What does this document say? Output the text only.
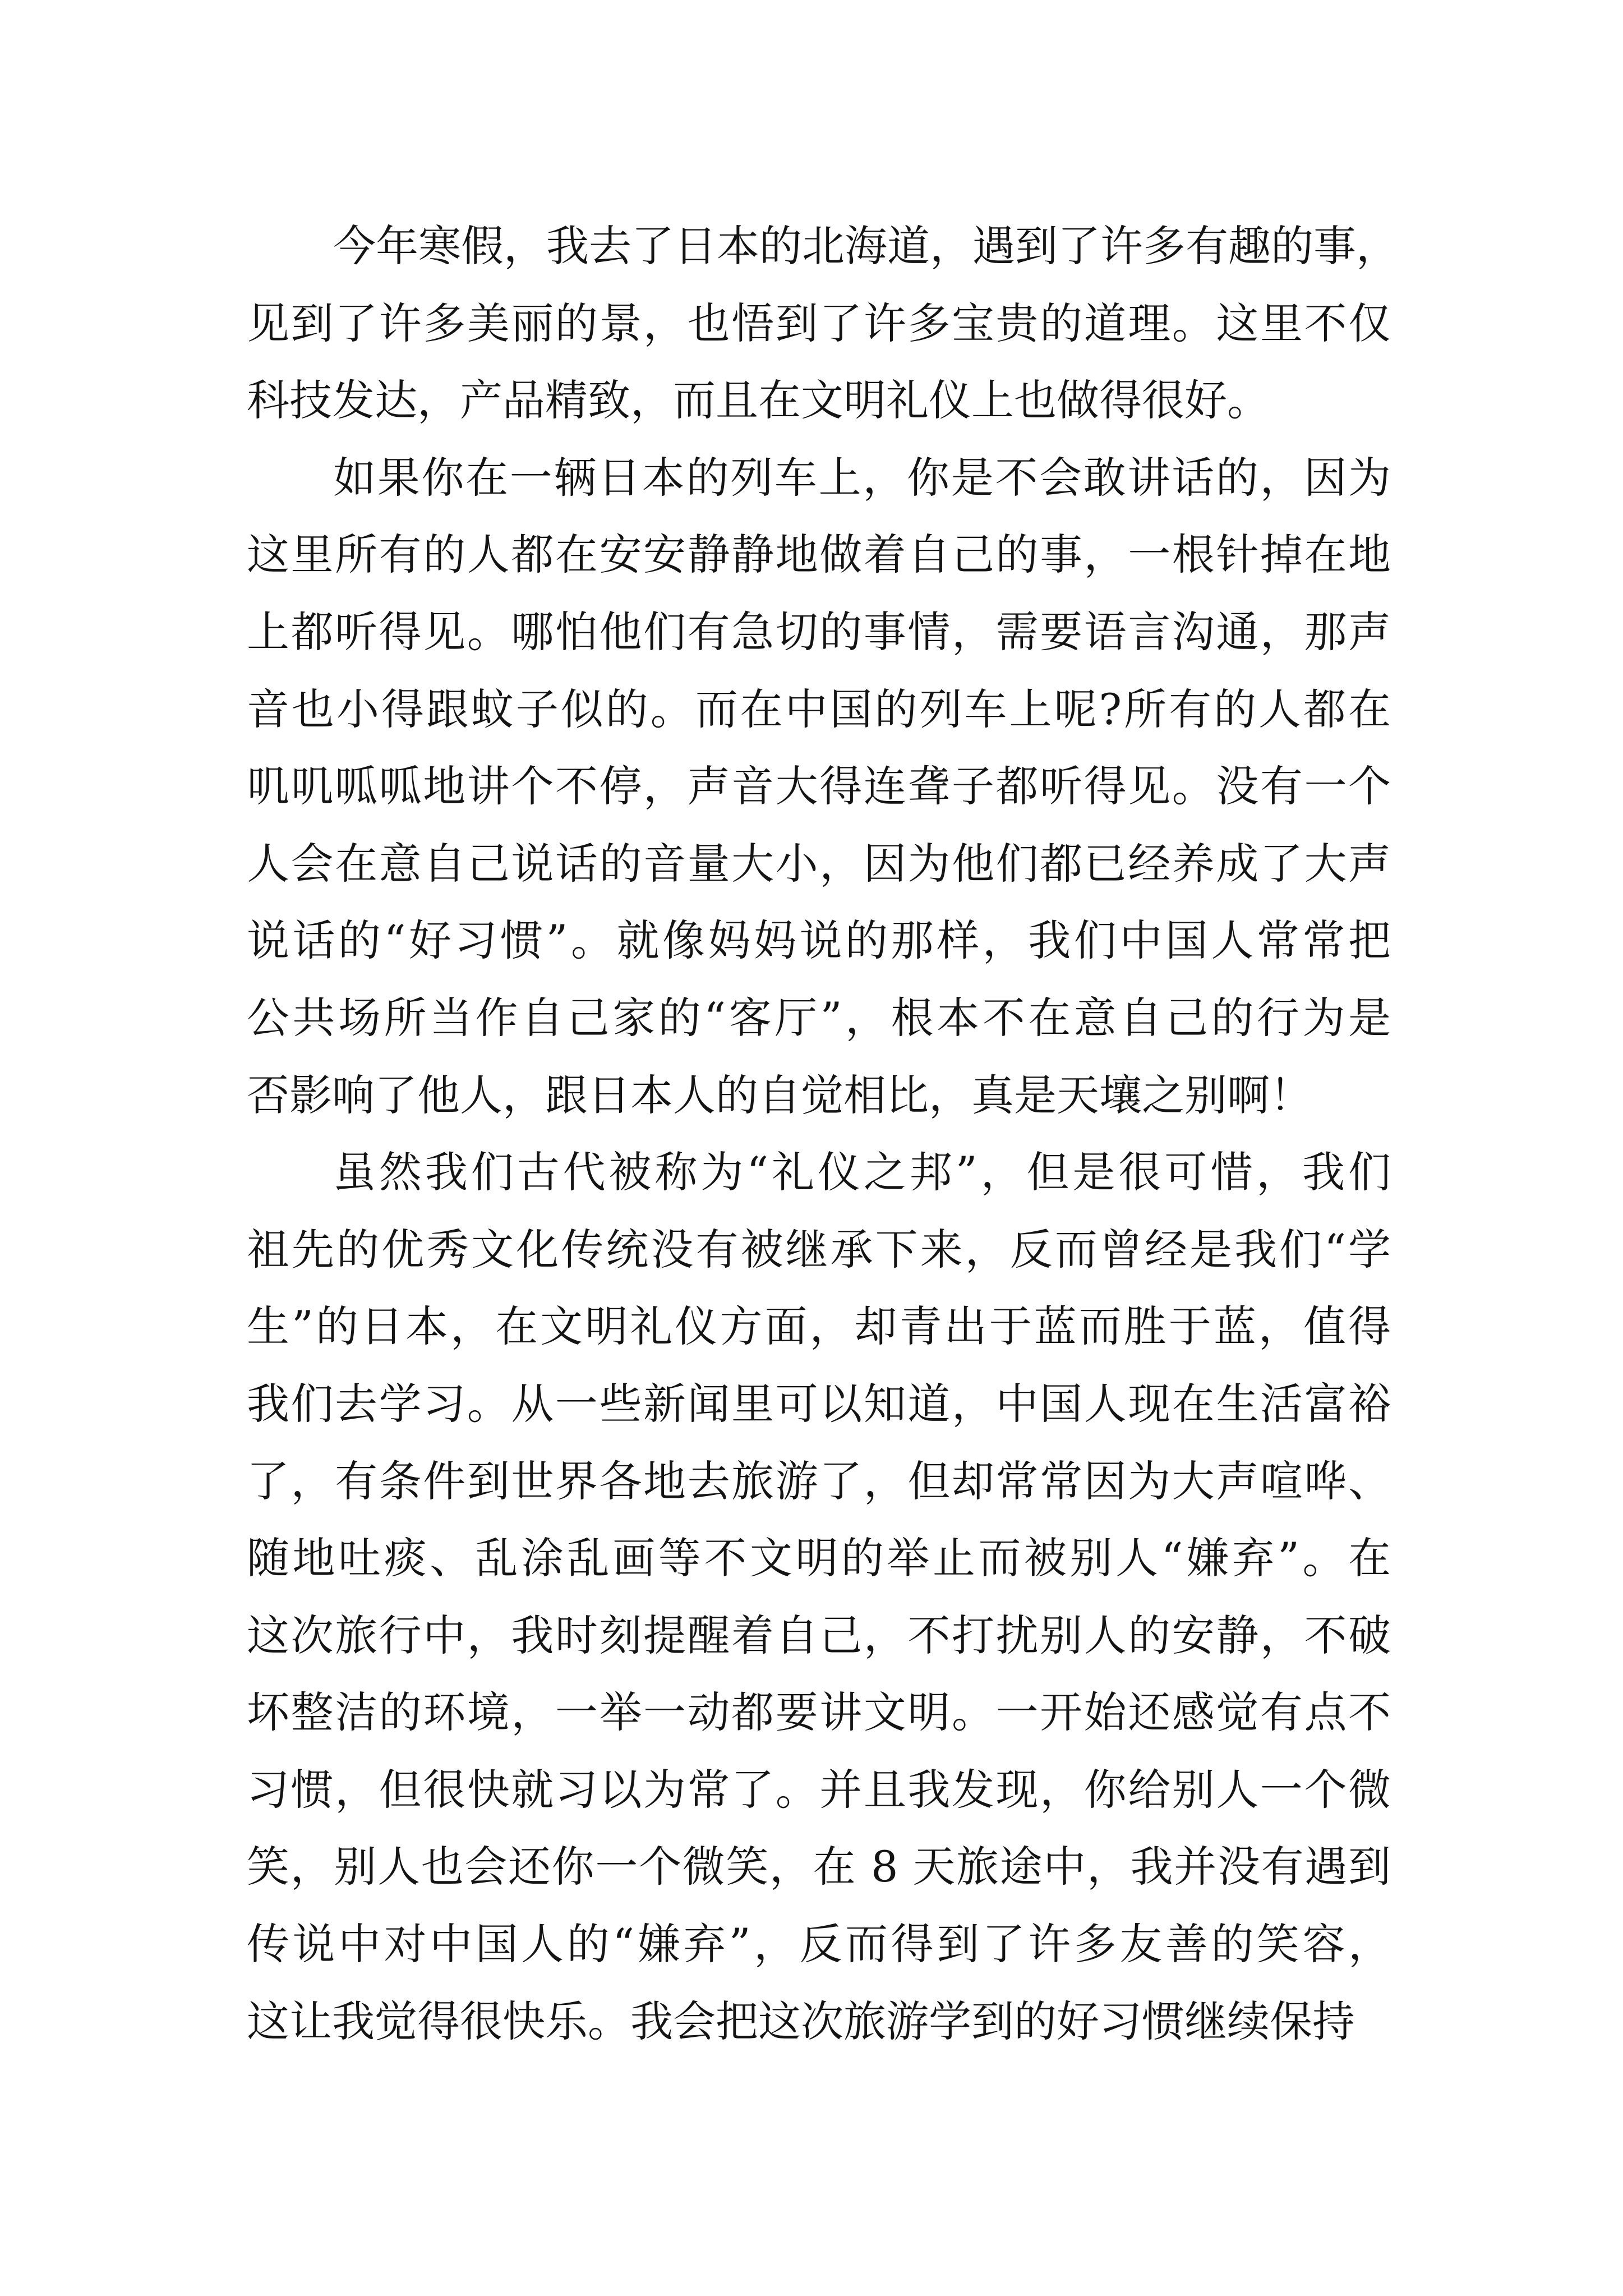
今年寒假，我去了日本的北海道，遇到了许多有趣的事，
见到了许多美丽的景，也悟到了许多宝贵的道理。这里不仅
科技发达，产品精致，而且在文明礼仪上也做得很好。
如果你在一辆日本的列车上，你是不会敢讲话的，因为
这里所有的人都在安安静静地做着自己的事，一根针掉在地
上都听得见。哪怕他们有急切的事情，需要语言沟通，那声
音也小得跟蚊子似的。而在中国的列车上呢?所有的人都在
叽叽呱呱地讲个不停，声音大得连聋子都听得见。没有一个
人会在意自己说话的音量大小，因为他们都已经养成了大声
说话的“好习惯”。就像妈妈说的那样，我们中国人常常把
公共场所当作自己家的“客厅”，根本不在意自己的行为是
否影响了他人，跟日本人的自觉相比，真是天壤之别啊！
虽然我们古代被称为“礼仪之邦”，但是很可惜，我们
祖先的优秀文化传统没有被继承下来，反而曾经是我们“学
生”的日本，在文明礼仪方面，却青出于蓝而胜于蓝，值得
我们去学习。从一些新闻里可以知道，中国人现在生活富裕
了，有条件到世界各地去旅游了，但却常常因为大声喧哗、
随地吐痰、乱涂乱画等不文明的举止而被别人“嫌弃”。在
这次旅行中，我时刻提醒着自己，不打扰别人的安静，不破
坏整洁的环境，一举一动都要讲文明。一开始还感觉有点不
习惯，但很快就习以为常了。并且我发现，你给别人一个微
笑，别人也会还你一个微笑，在 8 天旅途中，我并没有遇到
传说中对中国人的“嫌弃”，反而得到了许多友善的笑容，
这让我觉得很快乐。我会把这次旅游学到的好习惯继续保持
